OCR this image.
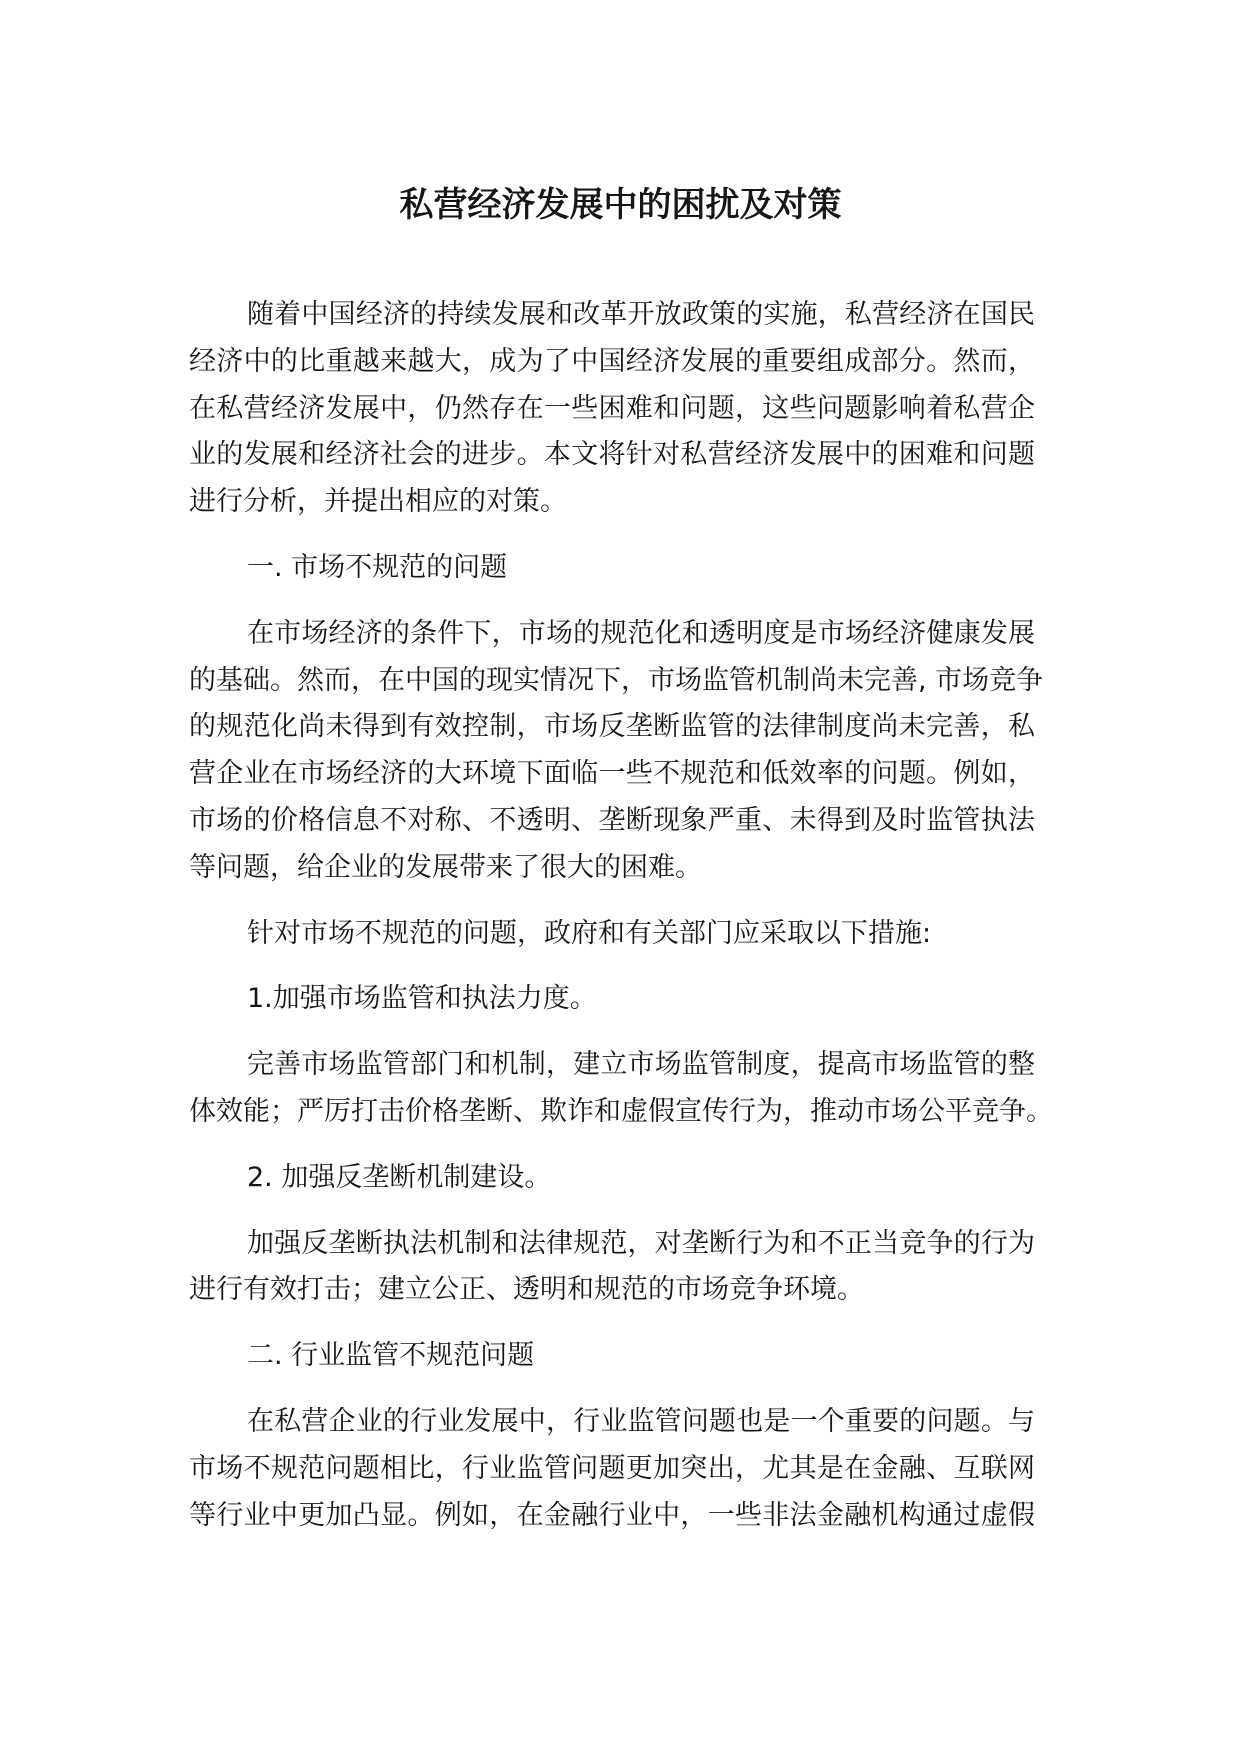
私营经济发展中的困扰及对策
随着中国经济的持续发展和改革开放政策的实施，私营经济在国民
经济中的比重越来越大，成为了中国经济发展的重要组成部分。然而，
在私营经济发展中，仍然存在一些困难和问题，这些问题影响着私营企
业的发展和经济社会的进步。本文将针对私营经济发展中的困难和问题
进行分析，并提出相应的对策。
一. 市场不规范的问题
在市场经济的条件下，市场的规范化和透明度是市场经济健康发展
的基础。然而，在中国的现实情况下，市场监管机制尚未完善, 市场竞争
的规范化尚未得到有效控制，市场反垄断监管的法律制度尚未完善，私
营企业在市场经济的大环境下面临一些不规范和低效率的问题。例如，
市场的价格信息不对称、不透明、垄断现象严重、未得到及时监管执法
等问题，给企业的发展带来了很大的困难。
针对市场不规范的问题，政府和有关部门应采取以下措施:
1.加强市场监管和执法力度。
完善市场监管部门和机制，建立市场监管制度，提高市场监管的整
体效能；严厉打击价格垄断、欺诈和虚假宣传行为，推动市场公平竞争。
2. 加强反垄断机制建设。
加强反垄断执法机制和法律规范，对垄断行为和不正当竞争的行为
进行有效打击；建立公正、透明和规范的市场竞争环境。
二. 行业监管不规范问题
在私营企业的行业发展中，行业监管问题也是一个重要的问题。与
市场不规范问题相比，行业监管问题更加突出，尤其是在金融、互联网
等行业中更加凸显。例如，在金融行业中，一些非法金融机构通过虚假
